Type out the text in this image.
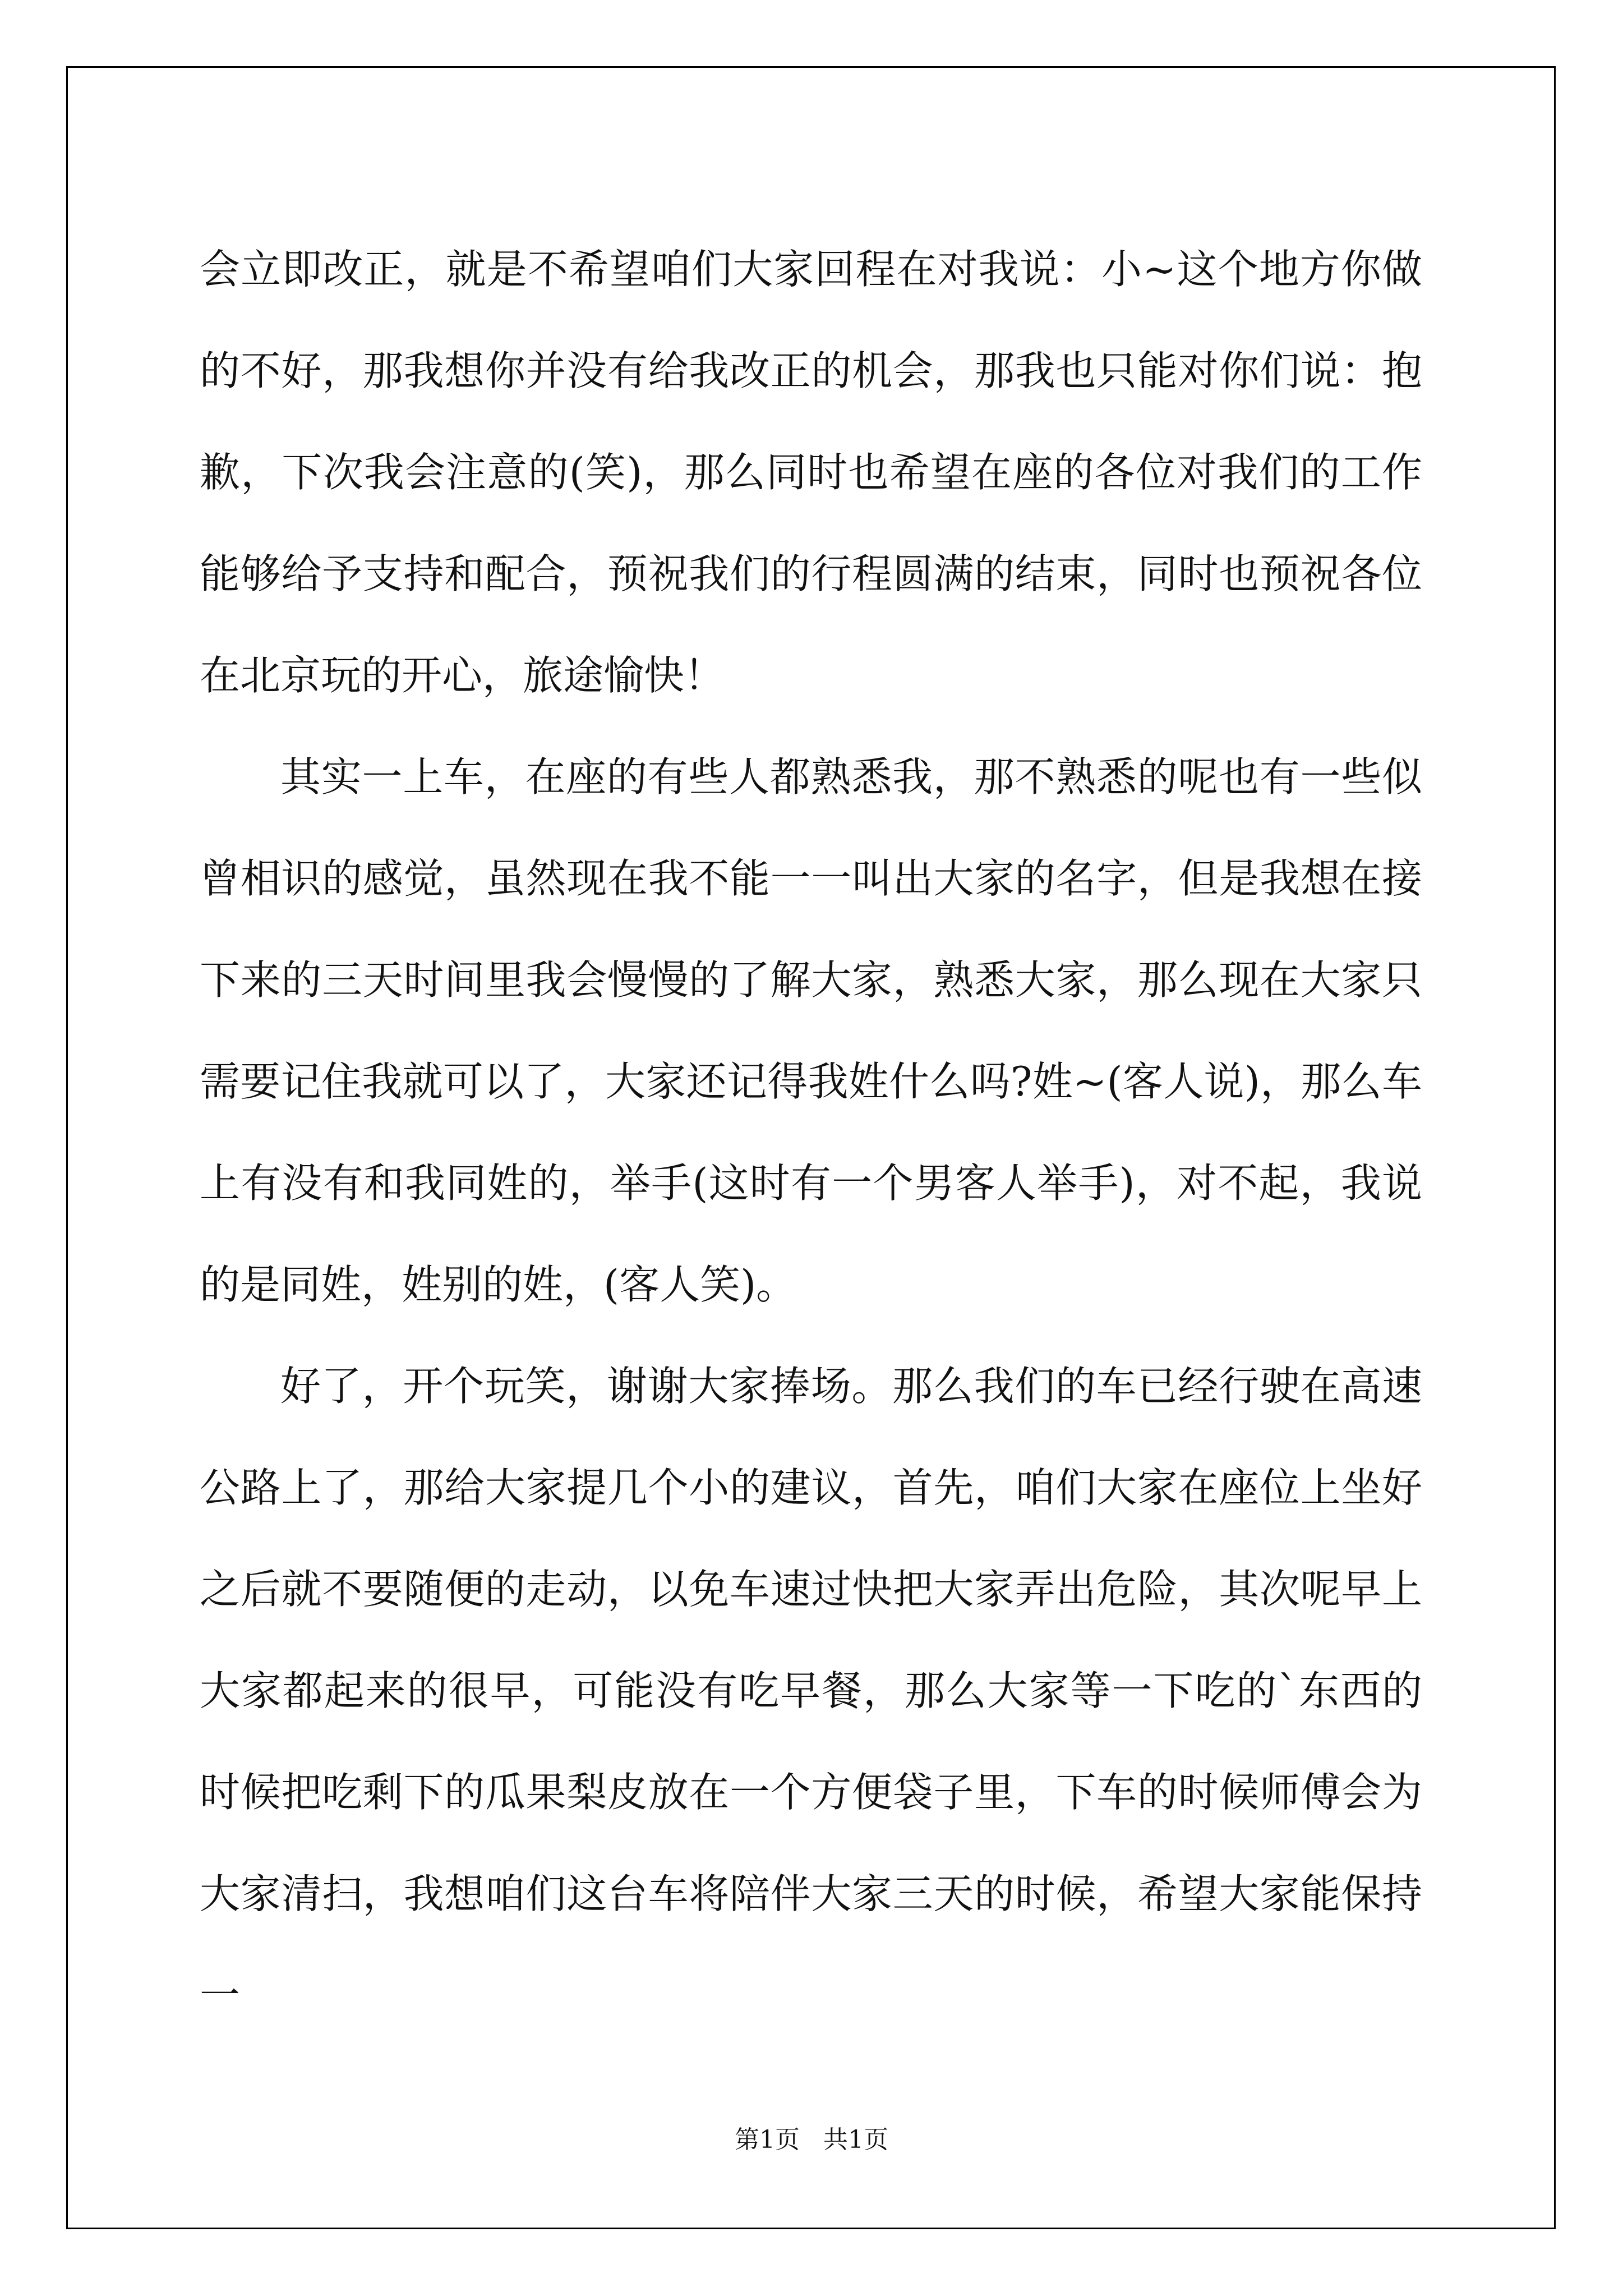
会立即改正，就是不希望咱们大家回程在对我说：小~这个地方你做的不好，那我想你并没有给我改正的机会，那我也只能对你们说：抱歉，下次我会注意的(笑)，那么同时也希望在座的各位对我们的工作能够给予支持和配合，预祝我们的行程圆满的结束，同时也预祝各位在北京玩的开心，旅途愉快！

其实一上车，在座的有些人都熟悉我，那不熟悉的呢也有一些似曾相识的感觉，虽然现在我不能一一叫出大家的名字，但是我想在接下来的三天时间里我会慢慢的了解大家，熟悉大家，那么现在大家只需要记住我就可以了，大家还记得我姓什么吗?姓~(客人说)，那么车上有没有和我同姓的，举手(这时有一个男客人举手)，对不起，我说的是同姓，姓别的姓，(客人笑)。

好了，开个玩笑，谢谢大家捧场。那么我们的车已经行驶在高速公路上了，那给大家提几个小的建议，首先，咱们大家在座位上坐好之后就不要随便的走动，以免车速过快把大家弄出危险，其次呢早上大家都起来的很早，可能没有吃早餐，那么大家等一下吃的`东西的时候把吃剩下的瓜果梨皮放在一个方便袋子里，下车的时候师傅会为大家清扫，我想咱们这台车将陪伴大家三天的时候，希望大家能保持一

第1页   共1页
